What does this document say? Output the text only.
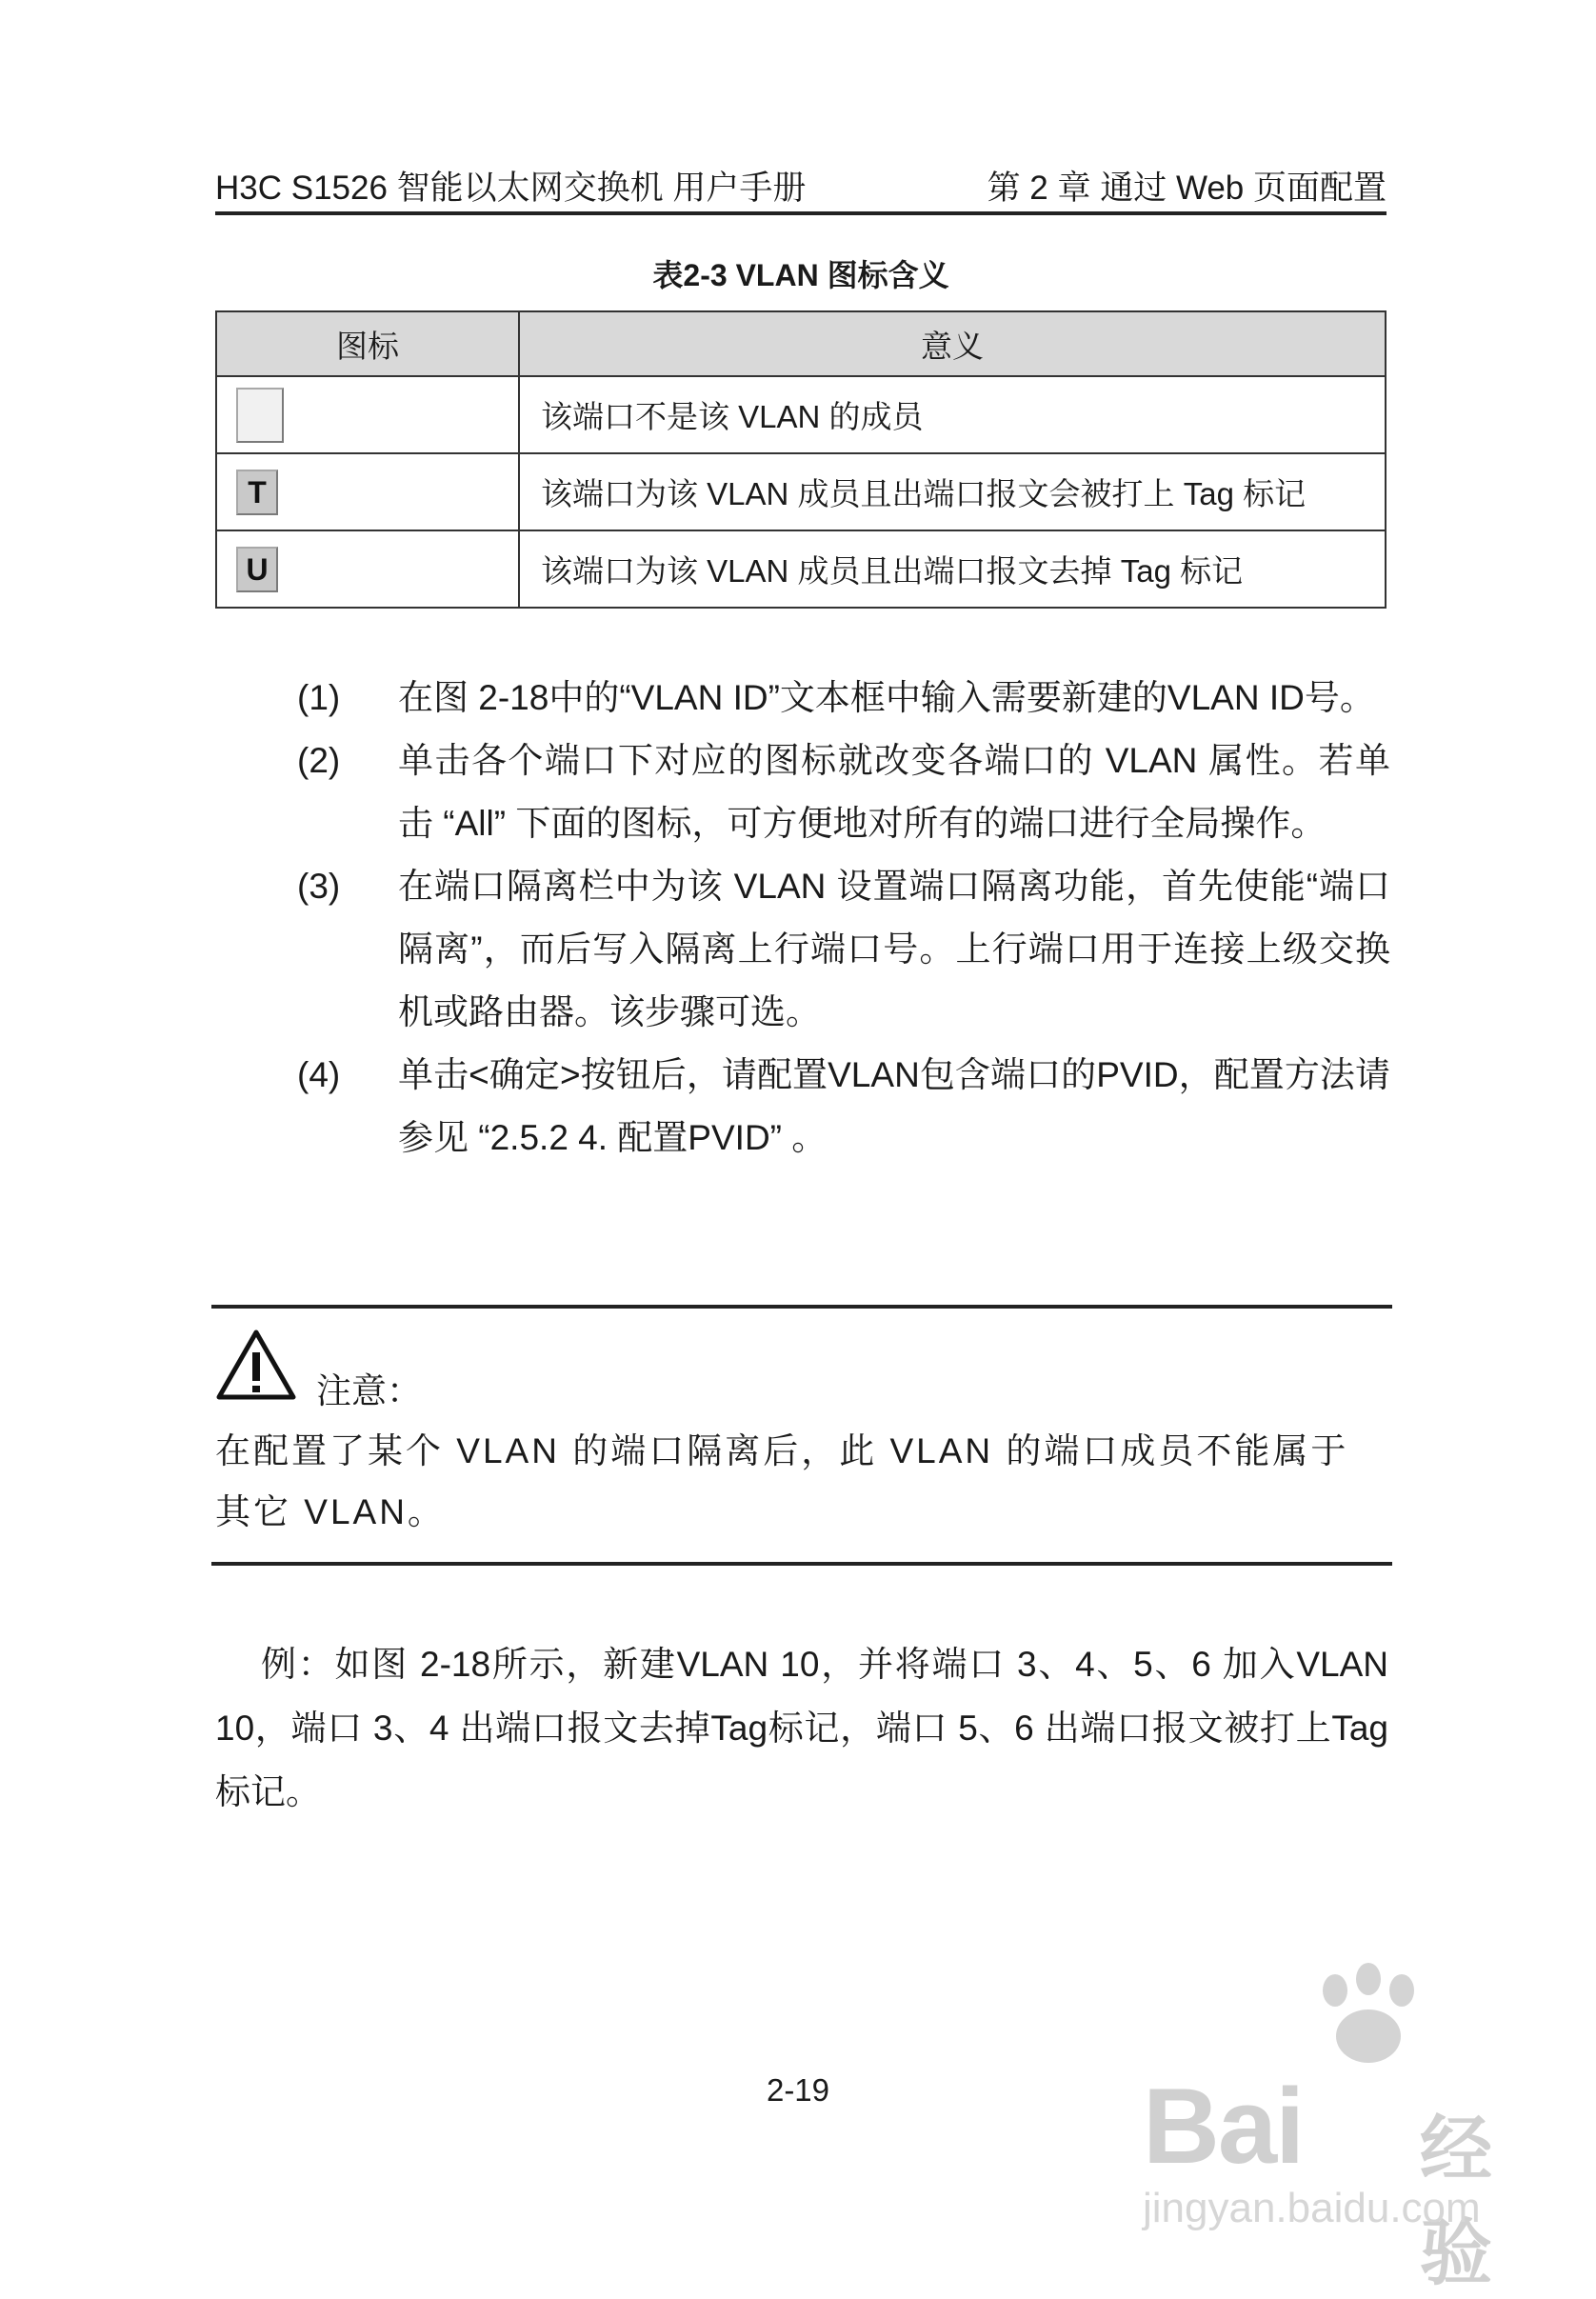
H3C S1526 智能以太网交换机 用户手册	第 2 章 通过 Web 页面配置
表2-3 VLAN 图标含义
图标	意义
	该端口不是该 VLAN 的成员
T	该端口为该 VLAN 成员且出端口报文会被打上 Tag 标记
U	该端口为该 VLAN 成员且出端口报文去掉 Tag 标记
(1) 在图 2-18中的“VLAN ID”文本框中输入需要新建的VLAN ID号。
(2) 单击各个端口下对应的图标就改变各端口的 VLAN 属性。若单击 “All” 下面的图标，可方便地对所有的端口进行全局操作。
(3) 在端口隔离栏中为该 VLAN 设置端口隔离功能，首先使能“端口隔离”，而后写入隔离上行端口号。上行端口用于连接上级交换机或路由器。该步骤可选。
(4) 单击<确定>按钮后，请配置VLAN包含端口的PVID，配置方法请参见 “2.5.2 4. 配置PVID” 。
注意：
在配置了某个 VLAN 的端口隔离后，此 VLAN 的端口成员不能属于其它 VLAN。
例：如图 2-18所示，新建VLAN 10，并将端口 3、4、5、6 加入VLAN 10，端口 3、4 出端口报文去掉Tag标记，端口 5、6 出端口报文被打上Tag标记。
2-19	Bai 经验
jingyan.baidu.com
